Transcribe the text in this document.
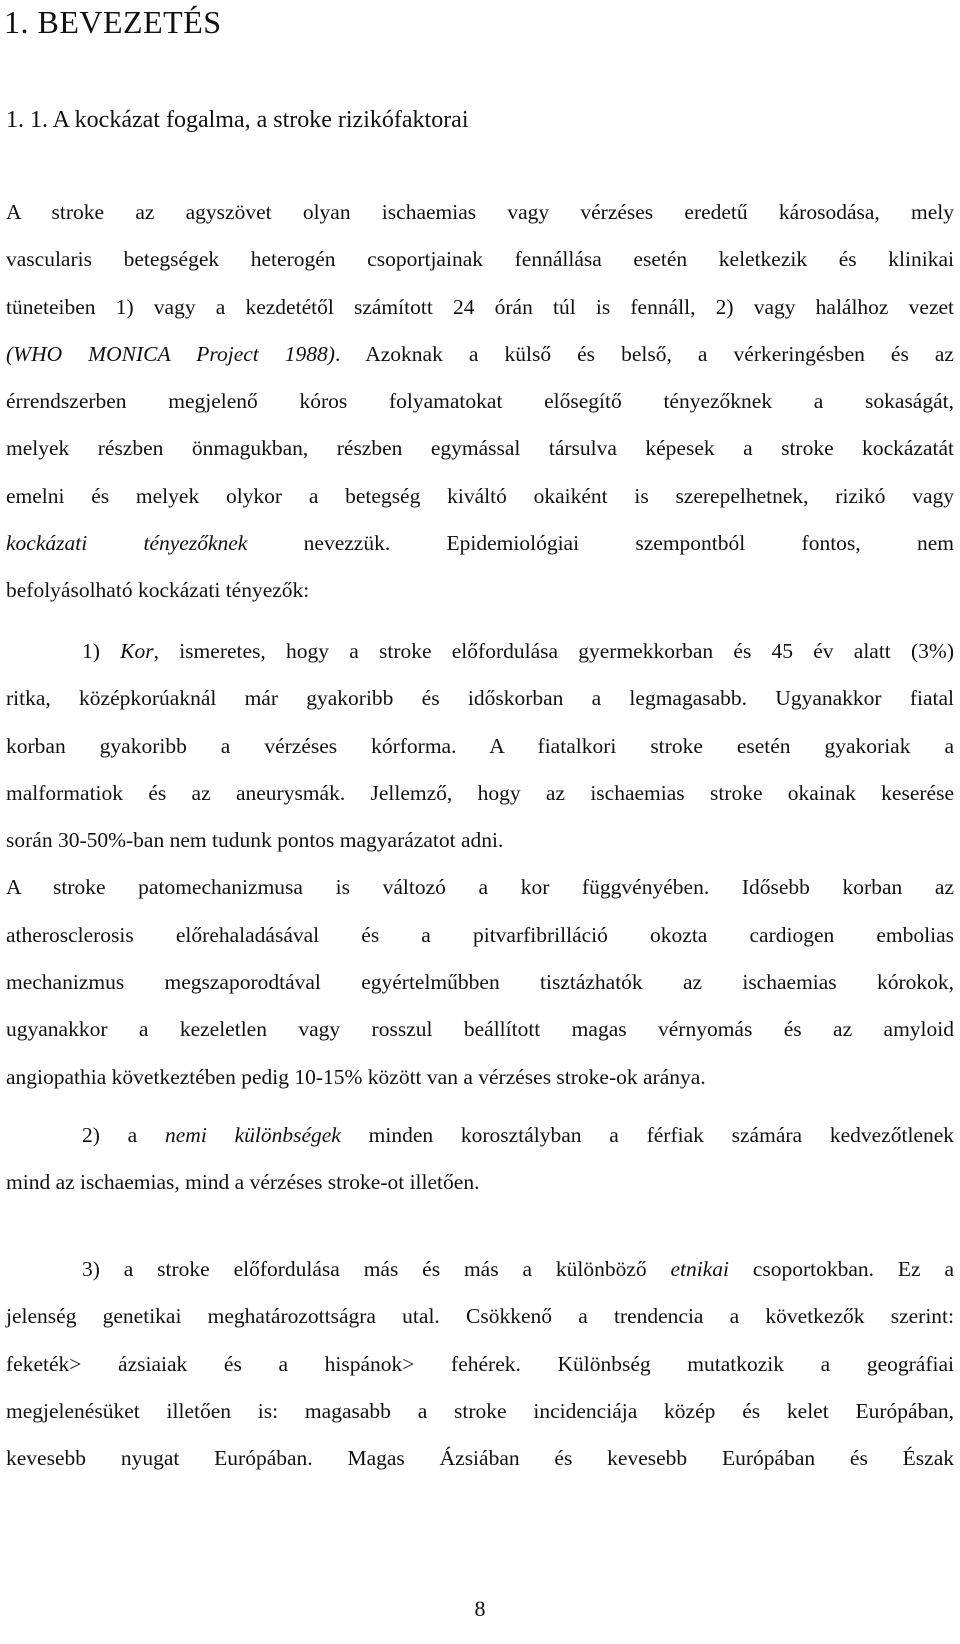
1. BEVEZETÉS
1. 1. A kockázat fogalma, a stroke rizikófaktorai
A stroke az agyszövet olyan ischaemias vagy vérzéses eredetű károsodása, mely
vascularis betegségek heterogén csoportjainak fennállása esetén keletkezik és klinikai
tüneteiben 1) vagy a kezdetétől számított 24 órán túl is fennáll, 2) vagy halálhoz vezet
(WHO MONICA Project 1988). Azoknak a külső és belső, a vérkeringésben és az
érrendszerben megjelenő kóros folyamatokat elősegítő tényezőknek a sokaságát,
melyek részben önmagukban, részben egymással társulva képesek a stroke kockázatát
emelni és melyek olykor a betegség kiváltó okaiként is szerepelhetnek, rizikó vagy
kockázati tényezőknek nevezzük. Epidemiológiai szempontból fontos, nem
befolyásolható kockázati tényezők:
1) Kor, ismeretes, hogy a stroke előfordulása gyermekkorban és 45 év alatt (3%)
ritka, középkorúaknál már gyakoribb és időskorban a legmagasabb. Ugyanakkor fiatal
korban gyakoribb a vérzéses kórforma. A fiatalkori stroke esetén gyakoriak a
malformatiok és az aneurysmák. Jellemző, hogy az ischaemias stroke okainak keserése
során 30-50%-ban nem tudunk pontos magyarázatot adni.
A stroke patomechanizmusa is változó a kor függvényében. Idősebb korban az
atherosclerosis előrehaladásával és a pitvarfibrilláció okozta cardiogen embolias
mechanizmus megszaporodtával egyértelműbben tisztázhatók az ischaemias kórokok,
ugyanakkor a kezeletlen vagy rosszul beállított magas vérnyomás és az amyloid
angiopathia következtében pedig 10-15% között van a vérzéses stroke-ok aránya.
2) a nemi különbségek minden korosztályban a férfiak számára kedvezőtlenek
mind az ischaemias, mind a vérzéses stroke-ot illetően.
3) a stroke előfordulása más és más a különböző etnikai csoportokban. Ez a
jelenség genetikai meghatározottságra utal. Csökkenő a trendencia a következők szerint:
feketék> ázsiaiak és a hispánok> fehérek. Különbség mutatkozik a geográfiai
megjelenésüket illetően is: magasabb a stroke incidenciája közép és kelet Európában,
kevesebb nyugat Európában. Magas Ázsiában és kevesebb Európában és Észak
8
